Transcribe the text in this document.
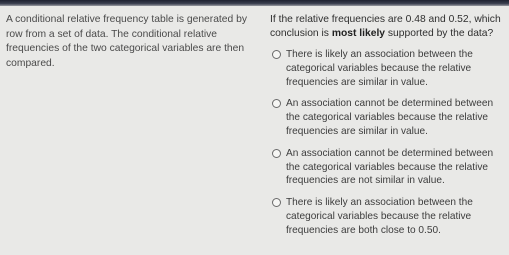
A conditional relative frequency table is generated by row from a set of data. The conditional relative frequencies of the two categorical variables are then compared.

If the relative frequencies are 0.48 and 0.52, which conclusion is most likely supported by the data?

There is likely an association between the categorical variables because the relative frequencies are similar in value.
An association cannot be determined between the categorical variables because the relative frequencies are similar in value.
An association cannot be determined between the categorical variables because the relative frequencies are not similar in value.
There is likely an association between the categorical variables because the relative frequencies are both close to 0.50.
